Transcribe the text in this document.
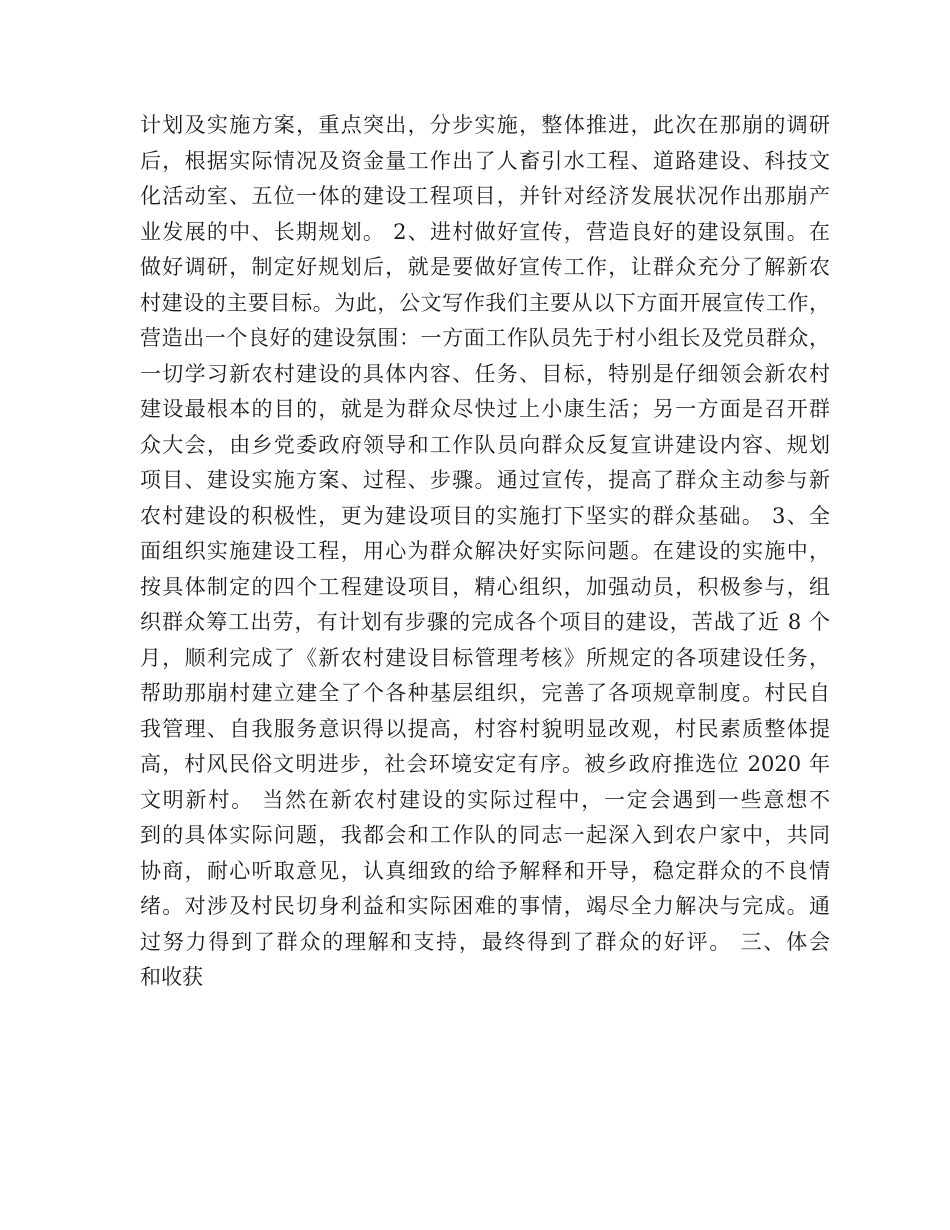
计划及实施方案，重点突出，分步实施，整体推进，此次在那崩的调研
后，根据实际情况及资金量工作出了人畜引水工程、道路建设、科技文
化活动室、五位一体的建设工程项目，并针对经济发展状况作出那崩产
业发展的中、长期规划。 2、进村做好宣传，营造良好的建设氛围。在
做好调研，制定好规划后，就是要做好宣传工作，让群众充分了解新农
村建设的主要目标。为此，公文写作我们主要从以下方面开展宣传工作，
营造出一个良好的建设氛围：一方面工作队员先于村小组长及党员群众，
一切学习新农村建设的具体内容、任务、目标，特别是仔细领会新农村
建设最根本的目的，就是为群众尽快过上小康生活；另一方面是召开群
众大会，由乡党委政府领导和工作队员向群众反复宣讲建设内容、规划
项目、建设实施方案、过程、步骤。通过宣传，提高了群众主动参与新
农村建设的积极性，更为建设项目的实施打下坚实的群众基础。 3、全
面组织实施建设工程，用心为群众解决好实际问题。在建设的实施中，
按具体制定的四个工程建设项目，精心组织，加强动员，积极参与，组
织群众筹工出劳，有计划有步骤的完成各个项目的建设，苦战了近 8 个
月，顺利完成了《新农村建设目标管理考核》所规定的各项建设任务，
帮助那崩村建立建全了个各种基层组织，完善了各项规章制度。村民自
我管理、自我服务意识得以提高，村容村貌明显改观，村民素质整体提
高，村风民俗文明进步，社会环境安定有序。被乡政府推选位 2020 年
文明新村。 当然在新农村建设的实际过程中，一定会遇到一些意想不
到的具体实际问题，我都会和工作队的同志一起深入到农户家中，共同
协商，耐心听取意见，认真细致的给予解释和开导，稳定群众的不良情
绪。对涉及村民切身利益和实际困难的事情，竭尽全力解决与完成。通
过努力得到了群众的理解和支持，最终得到了群众的好评。 三、体会
和收获
